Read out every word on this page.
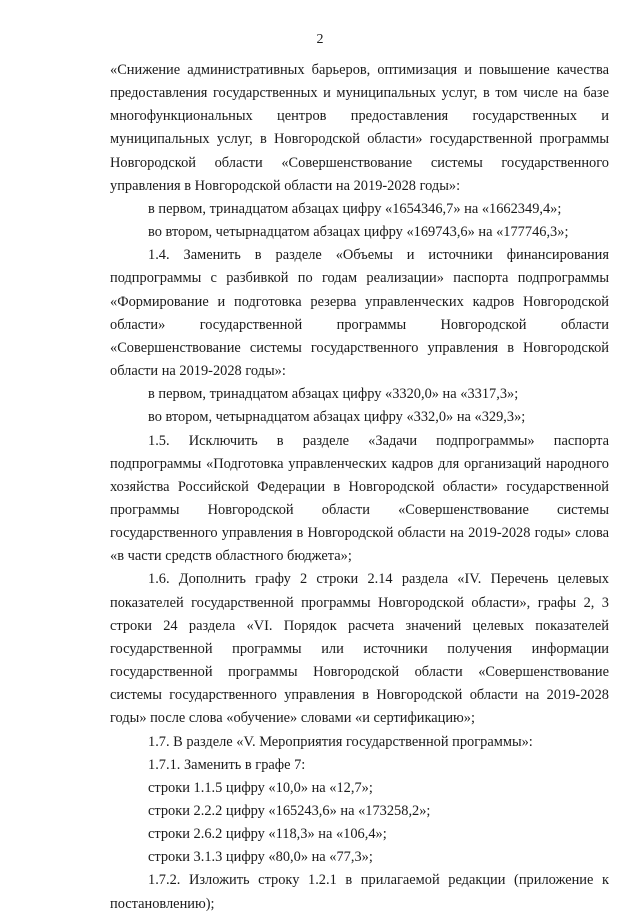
2

«Снижение административных барьеров, оптимизация и повышение качества предоставления государственных и муниципальных услуг, в том числе на базе многофункциональных центров предоставления государственных и муниципальных услуг, в Новгородской области» государственной программы Новгородской области «Совершенствование системы государственного управления в Новгородской области на 2019-2028 годы»:

в первом, тринадцатом абзацах цифру «1654346,7» на «1662349,4»;

во втором, четырнадцатом абзацах цифру «169743,6» на «177746,3»;

1.4. Заменить в разделе «Объемы и источники финансирования подпрограммы с разбивкой по годам реализации» паспорта подпрограммы «Формирование и подготовка резерва управленческих кадров Новгородской области» государственной программы Новгородской области «Совершенствование системы государственного управления в Новгородской области на 2019-2028 годы»:

в первом, тринадцатом абзацах цифру «3320,0» на «3317,3»;

во втором, четырнадцатом абзацах цифру «332,0» на «329,3»;

1.5. Исключить в разделе «Задачи подпрограммы» паспорта подпрограммы «Подготовка управленческих кадров для организаций народного хозяйства Российской Федерации в Новгородской области» государственной программы Новгородской области «Совершенствование системы государственного управления в Новгородской области на 2019-2028 годы» слова «в части средств областного бюджета»;

1.6. Дополнить графу 2 строки 2.14 раздела «IV. Перечень целевых показателей государственной программы Новгородской области», графы 2, 3 строки 24 раздела «VI. Порядок расчета значений целевых показателей государственной программы или источники получения информации государственной программы Новгородской области «Совершенствование системы государственного управления в Новгородской области на 2019-2028 годы» после слова «обучение» словами «и сертификацию»;

1.7. В разделе «V. Мероприятия государственной программы»:

1.7.1. Заменить в графе 7:

строки 1.1.5 цифру «10,0» на «12,7»;

строки 2.2.2 цифру «165243,6» на «173258,2»;

строки 2.6.2 цифру «118,3» на «106,4»;

строки 3.1.3 цифру «80,0» на «77,3»;

1.7.2. Изложить строку 1.2.1 в прилагаемой редакции (приложение к постановлению);
